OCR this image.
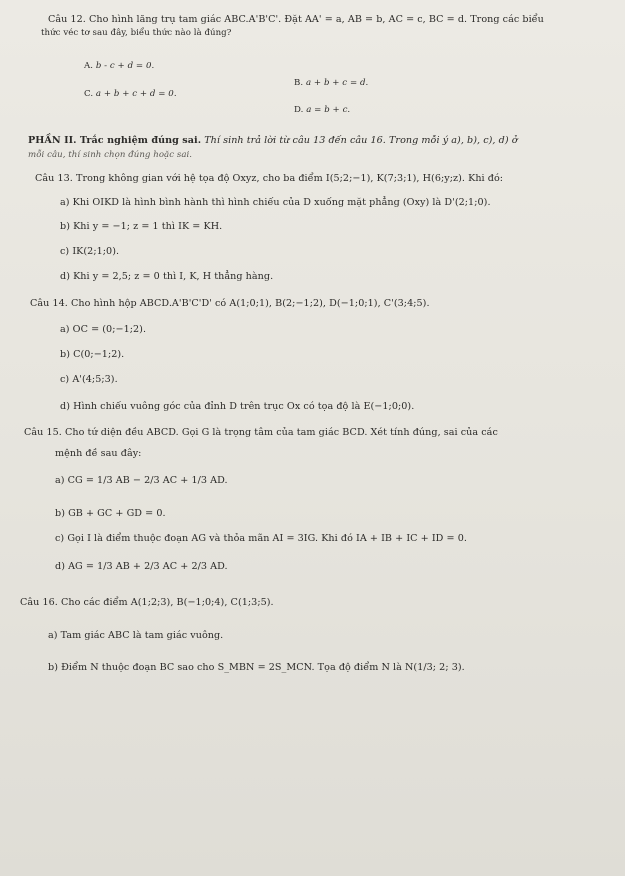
Câu 12. Cho hình lăng trụ tam giác ABC.A'B'C'. Đặt AA' = a, AB = b, AC = c, BC = d. Trong các biểu
thức véc tơ sau đây, biểu thức nào là đúng?
A. b - c + d = 0.
B. a + b + c = d.
C. a + b + c + d = 0.
D. a = b + c.
PHẦN II. Trắc nghiệm đúng sai. Thí sinh trả lời từ câu 13 đến câu 16. Trong mỗi ý a), b), c), d) ở
mỗi câu, thí sinh chọn đúng hoặc sai.
Câu 13. Trong không gian với hệ tọa độ Oxyz, cho ba điểm I(5;2;−1), K(7;3;1), H(6;y;z). Khi đó:
a) Khi OIKD là hình bình hành thì hình chiếu của D xuống mặt phẳng (Oxy) là D'(2;1;0).
b) Khi y = −1; z = 1 thì IK = KH.
c) IK(2;1;0).
d) Khi y = 2,5; z = 0 thì I, K, H thẳng hàng.
Câu 14. Cho hình hộp ABCD.A'B'C'D' có A(1;0;1), B(2;−1;2), D(−1;0;1), C'(3;4;5).
a) OC = (0;−1;2).
b) C(0;−1;2).
c) A'(4;5;3).
d) Hình chiếu vuông góc của đỉnh D trên trục Ox có tọa độ là E(−1;0;0).
Câu 15. Cho tứ diện đều ABCD. Gọi G là trọng tâm của tam giác BCD. Xét tính đúng, sai của các
mệnh đề sau đây:
a) CG = 1/3 AB − 2/3 AC + 1/3 AD.
b) GB + GC + GD = 0.
c) Gọi I là điểm thuộc đoạn AG và thỏa mãn AI = 3IG. Khi đó IA + IB + IC + ID = 0.
d) AG = 1/3 AB + 2/3 AC + 2/3 AD.
Câu 16. Cho các điểm A(1;2;3), B(−1;0;4), C(1;3;5).
a) Tam giác ABC là tam giác vuông.
b) Điểm N thuộc đoạn BC sao cho S_MBN = 2S_MCN. Tọa độ điểm N là N(1/3; 2; 3).
